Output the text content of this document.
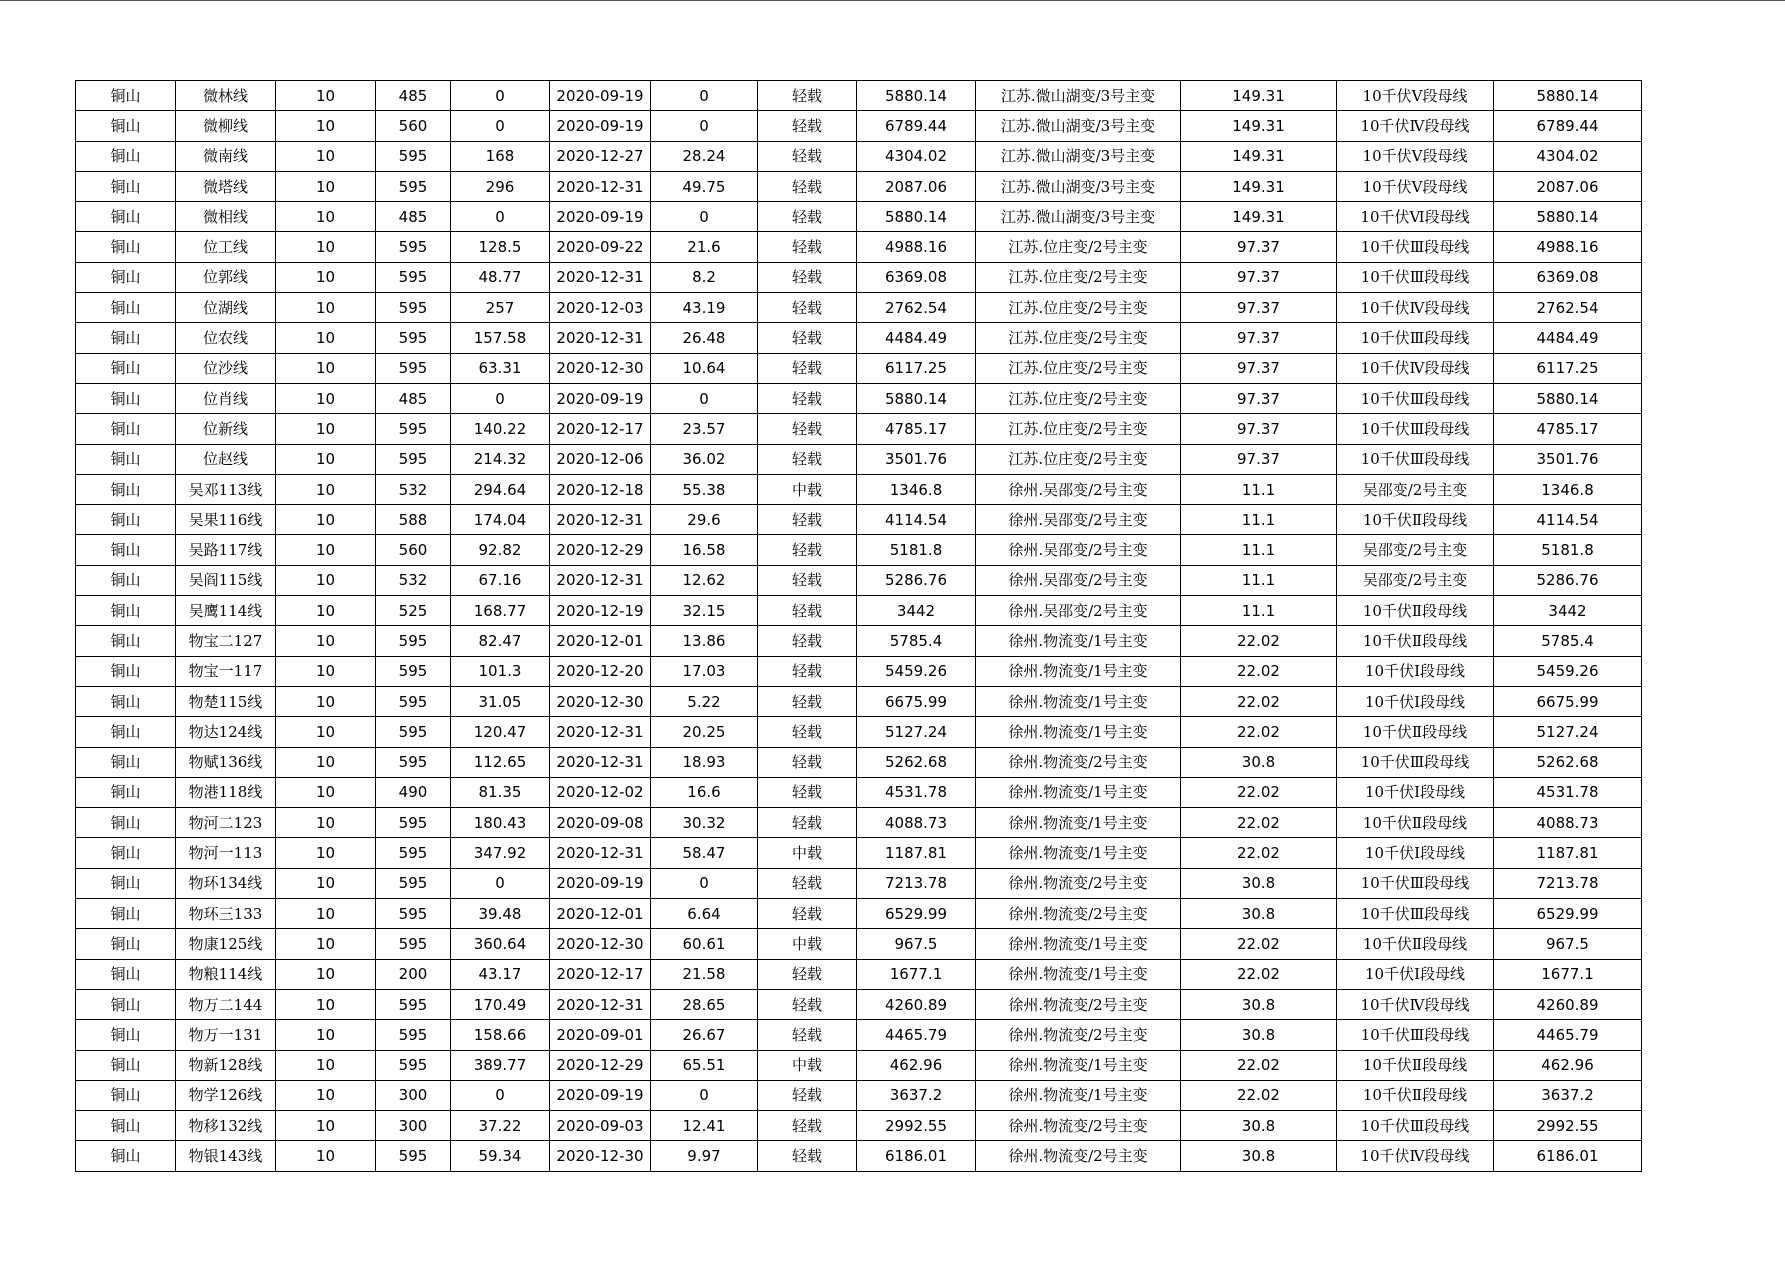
铜山	微林线	10	485	0	2020-09-19	0	轻载	5880.14	江苏.微山湖变/3号主变	149.31	10千伏Ⅴ段母线	5880.14
铜山	微柳线	10	560	0	2020-09-19	0	轻载	6789.44	江苏.微山湖变/3号主变	149.31	10千伏Ⅳ段母线	6789.44
铜山	微南线	10	595	168	2020-12-27	28.24	轻载	4304.02	江苏.微山湖变/3号主变	149.31	10千伏Ⅴ段母线	4304.02
铜山	微塔线	10	595	296	2020-12-31	49.75	轻载	2087.06	江苏.微山湖变/3号主变	149.31	10千伏Ⅴ段母线	2087.06
铜山	微相线	10	485	0	2020-09-19	0	轻载	5880.14	江苏.微山湖变/3号主变	149.31	10千伏Ⅵ段母线	5880.14
铜山	位工线	10	595	128.5	2020-09-22	21.6	轻载	4988.16	江苏.位庄变/2号主变	97.37	10千伏Ⅲ段母线	4988.16
铜山	位郭线	10	595	48.77	2020-12-31	8.2	轻载	6369.08	江苏.位庄变/2号主变	97.37	10千伏Ⅲ段母线	6369.08
铜山	位湖线	10	595	257	2020-12-03	43.19	轻载	2762.54	江苏.位庄变/2号主变	97.37	10千伏Ⅳ段母线	2762.54
铜山	位农线	10	595	157.58	2020-12-31	26.48	轻载	4484.49	江苏.位庄变/2号主变	97.37	10千伏Ⅲ段母线	4484.49
铜山	位沙线	10	595	63.31	2020-12-30	10.64	轻载	6117.25	江苏.位庄变/2号主变	97.37	10千伏Ⅳ段母线	6117.25
铜山	位肖线	10	485	0	2020-09-19	0	轻载	5880.14	江苏.位庄变/2号主变	97.37	10千伏Ⅲ段母线	5880.14
铜山	位新线	10	595	140.22	2020-12-17	23.57	轻载	4785.17	江苏.位庄变/2号主变	97.37	10千伏Ⅲ段母线	4785.17
铜山	位赵线	10	595	214.32	2020-12-06	36.02	轻载	3501.76	江苏.位庄变/2号主变	97.37	10千伏Ⅲ段母线	3501.76
铜山	吴邓113线	10	532	294.64	2020-12-18	55.38	中载	1346.8	徐州.吴邵变/2号主变	11.1	吴邵变/2号主变	1346.8
铜山	吴果116线	10	588	174.04	2020-12-31	29.6	轻载	4114.54	徐州.吴邵变/2号主变	11.1	10千伏Ⅱ段母线	4114.54
铜山	吴路117线	10	560	92.82	2020-12-29	16.58	轻载	5181.8	徐州.吴邵变/2号主变	11.1	吴邵变/2号主变	5181.8
铜山	吴阎115线	10	532	67.16	2020-12-31	12.62	轻载	5286.76	徐州.吴邵变/2号主变	11.1	吴邵变/2号主变	5286.76
铜山	吴鹰114线	10	525	168.77	2020-12-19	32.15	轻载	3442	徐州.吴邵变/2号主变	11.1	10千伏Ⅱ段母线	3442
铜山	物宝二127	10	595	82.47	2020-12-01	13.86	轻载	5785.4	徐州.物流变/1号主变	22.02	10千伏Ⅱ段母线	5785.4
铜山	物宝一117	10	595	101.3	2020-12-20	17.03	轻载	5459.26	徐州.物流变/1号主变	22.02	10千伏Ⅰ段母线	5459.26
铜山	物楚115线	10	595	31.05	2020-12-30	5.22	轻载	6675.99	徐州.物流变/1号主变	22.02	10千伏Ⅰ段母线	6675.99
铜山	物达124线	10	595	120.47	2020-12-31	20.25	轻载	5127.24	徐州.物流变/1号主变	22.02	10千伏Ⅱ段母线	5127.24
铜山	物赋136线	10	595	112.65	2020-12-31	18.93	轻载	5262.68	徐州.物流变/2号主变	30.8	10千伏Ⅲ段母线	5262.68
铜山	物港118线	10	490	81.35	2020-12-02	16.6	轻载	4531.78	徐州.物流变/1号主变	22.02	10千伏Ⅰ段母线	4531.78
铜山	物河二123	10	595	180.43	2020-09-08	30.32	轻载	4088.73	徐州.物流变/1号主变	22.02	10千伏Ⅱ段母线	4088.73
铜山	物河一113	10	595	347.92	2020-12-31	58.47	中载	1187.81	徐州.物流变/1号主变	22.02	10千伏Ⅰ段母线	1187.81
铜山	物环134线	10	595	0	2020-09-19	0	轻载	7213.78	徐州.物流变/2号主变	30.8	10千伏Ⅲ段母线	7213.78
铜山	物环三133	10	595	39.48	2020-12-01	6.64	轻载	6529.99	徐州.物流变/2号主变	30.8	10千伏Ⅲ段母线	6529.99
铜山	物康125线	10	595	360.64	2020-12-30	60.61	中载	967.5	徐州.物流变/1号主变	22.02	10千伏Ⅱ段母线	967.5
铜山	物粮114线	10	200	43.17	2020-12-17	21.58	轻载	1677.1	徐州.物流变/1号主变	22.02	10千伏Ⅰ段母线	1677.1
铜山	物万二144	10	595	170.49	2020-12-31	28.65	轻载	4260.89	徐州.物流变/2号主变	30.8	10千伏Ⅳ段母线	4260.89
铜山	物万一131	10	595	158.66	2020-09-01	26.67	轻载	4465.79	徐州.物流变/2号主变	30.8	10千伏Ⅲ段母线	4465.79
铜山	物新128线	10	595	389.77	2020-12-29	65.51	中载	462.96	徐州.物流变/1号主变	22.02	10千伏Ⅱ段母线	462.96
铜山	物学126线	10	300	0	2020-09-19	0	轻载	3637.2	徐州.物流变/1号主变	22.02	10千伏Ⅱ段母线	3637.2
铜山	物移132线	10	300	37.22	2020-09-03	12.41	轻载	2992.55	徐州.物流变/2号主变	30.8	10千伏Ⅲ段母线	2992.55
铜山	物银143线	10	595	59.34	2020-12-30	9.97	轻载	6186.01	徐州.物流变/2号主变	30.8	10千伏Ⅳ段母线	6186.01
